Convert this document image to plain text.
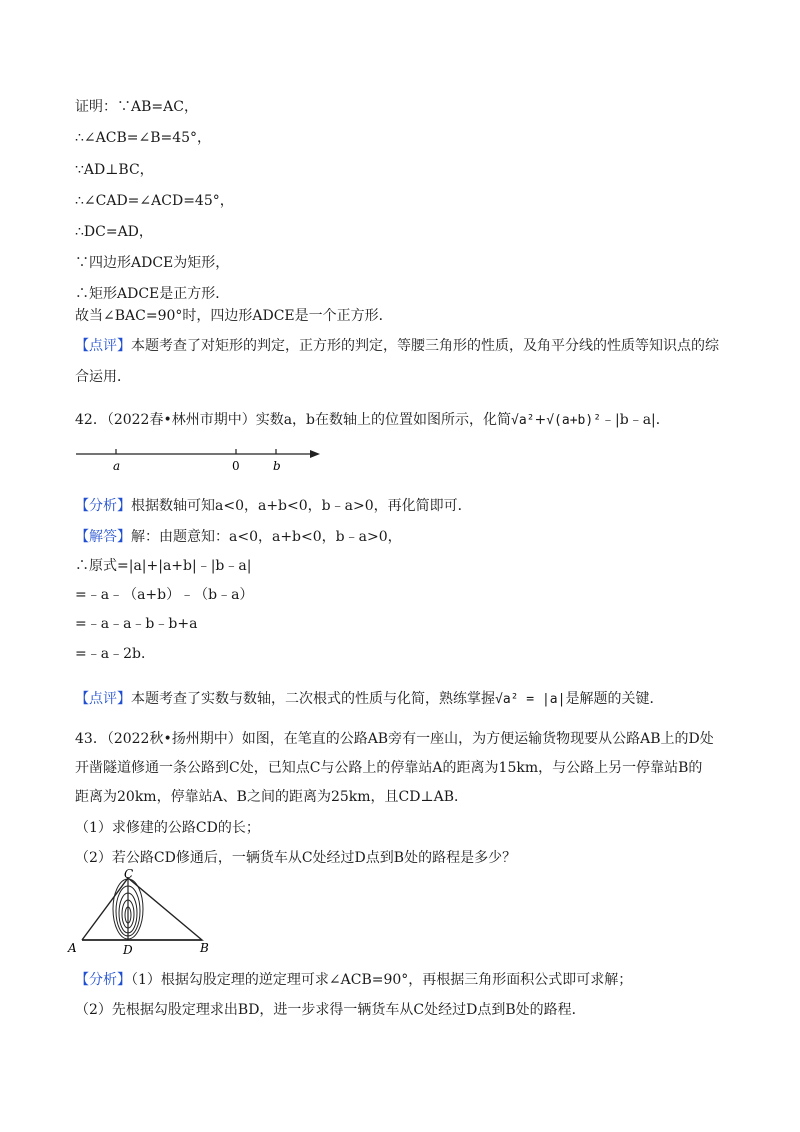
证明：∵AB=AC，
∴∠ACB=∠B=45°，
∵AD⊥BC，
∴∠CAD=∠ACD=45°，
∴DC=AD，
∵四边形ADCE为矩形，
∴矩形ADCE是正方形．
故当∠BAC=90°时，四边形ADCE是一个正方形．
【点评】本题考查了对矩形的判定，正方形的判定，等腰三角形的性质，及角平分线的性质等知识点的综
合运用．
42．（2022春•林州市期中）实数a，b在数轴上的位置如图所示，化简√a²+√(a+b)²﹣|b﹣a|．
a	0	b
【分析】根据数轴可知a<0，a+b<0，b﹣a>0，再化简即可．
【解答】解：由题意知：a<0，a+b<0，b﹣a>0，
∴原式=|a|+|a+b|﹣|b﹣a|
=﹣a﹣（a+b）﹣（b﹣a）
=﹣a﹣a﹣b﹣b+a
=﹣a﹣2b．
【点评】本题考查了实数与数轴，二次根式的性质与化简，熟练掌握√a² = |a|是解题的关键．
43．（2022秋•扬州期中）如图，在笔直的公路AB旁有一座山，为方便运输货物现要从公路AB上的D处
开凿隧道修通一条公路到C处，已知点C与公路上的停靠站A的距离为15km，与公路上另一停靠站B的
距离为20km，停靠站A、B之间的距离为25km，且CD⊥AB．
（1）求修建的公路CD的长；
（2）若公路CD修通后，一辆货车从C处经过D点到B处的路程是多少？
C
A	D	B
【分析】（1）根据勾股定理的逆定理可求∠ACB=90°，再根据三角形面积公式即可求解；
（2）先根据勾股定理求出BD，进一步求得一辆货车从C处经过D点到B处的路程．
